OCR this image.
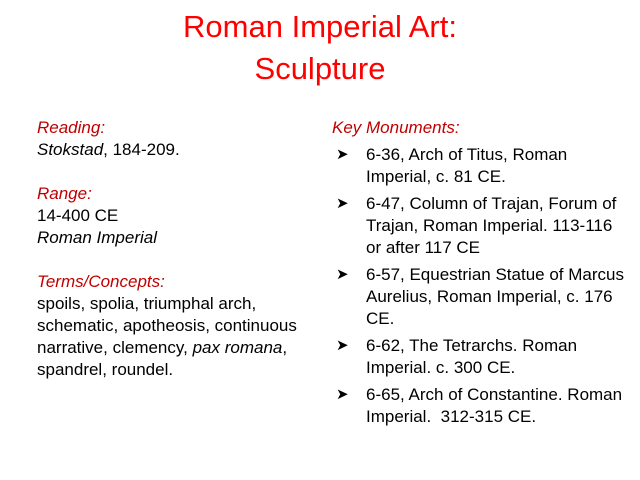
Roman Imperial Art:
Sculpture

Reading:

Stokstad, 184-209.

Range:

14-400 CE

Roman Imperial

Terms/Concepts:

spoils, spolia, triumphal arch, schematic, apotheosis, continuous narrative, clemency, pax romana, spandrel, roundel.

Key Monuments:
➤	6-36, Arch of Titus, Roman Imperial, c. 81 CE.
➤	6-47, Column of Trajan, Forum of Trajan, Roman Imperial. 113-116 or after 117 CE
➤	6-57, Equestrian Statue of Marcus Aurelius, Roman Imperial, c. 176 CE.
➤	6-62, The Tetrarchs. Roman Imperial. c. 300 CE.
➤	6-65, Arch of Constantine. Roman Imperial.  312-315 CE.
